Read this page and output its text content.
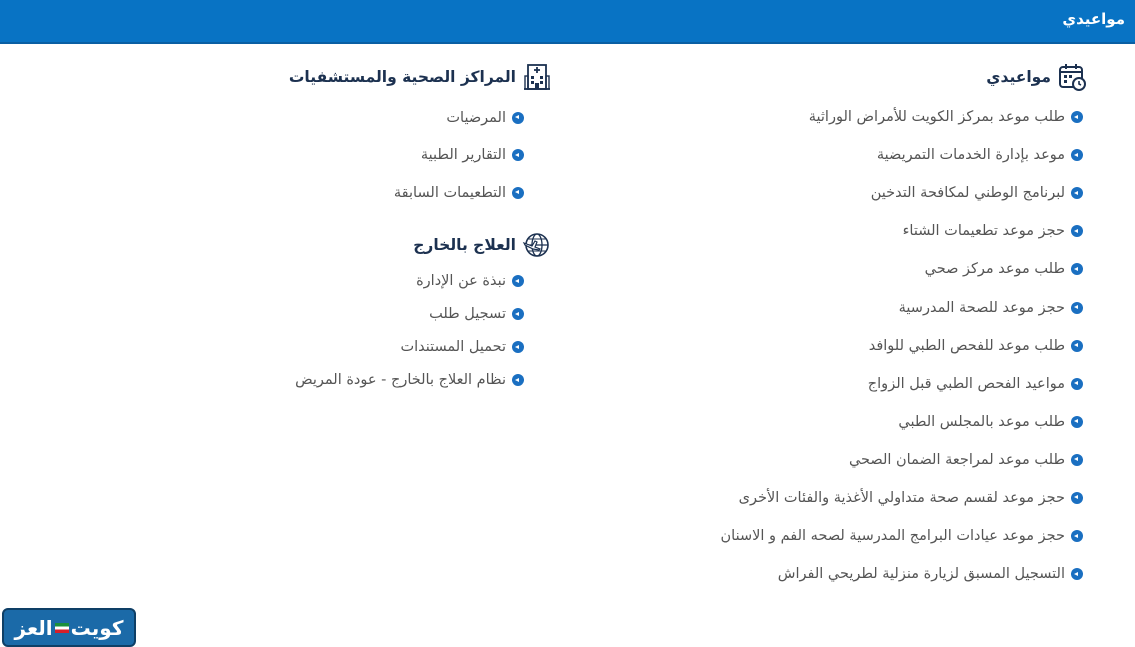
مواعيدي
مواعيدي
طلب موعد بمركز الكويت للأمراض الوراثية
موعد بإدارة الخدمات التمريضية
لبرنامج الوطني لمكافحة التدخين
حجز موعد تطعيمات الشتاء
طلب موعد مركز صحي
حجز موعد للصحة المدرسية
طلب موعد للفحص الطبي للوافد
مواعيد الفحص الطبي قبل الزواج
طلب موعد بالمجلس الطبي
طلب موعد لمراجعة الضمان الصحي
حجز موعد لقسم صحة متداولي الأغذية والفئات الأخرى
حجز موعد عيادات البرامج المدرسية لصحه الفم و الاسنان
التسجيل المسبق لزيارة منزلية لطريحي الفراش
المراكز الصحية والمستشفيات
المرضيات
التقارير الطبية
التطعيمات السابقة
العلاج بالخارج
نبذة عن الإدارة
تسجيل طلب
تحميل المستندات
نظام العلاج بالخارج - عودة المريض
كويت
العز
